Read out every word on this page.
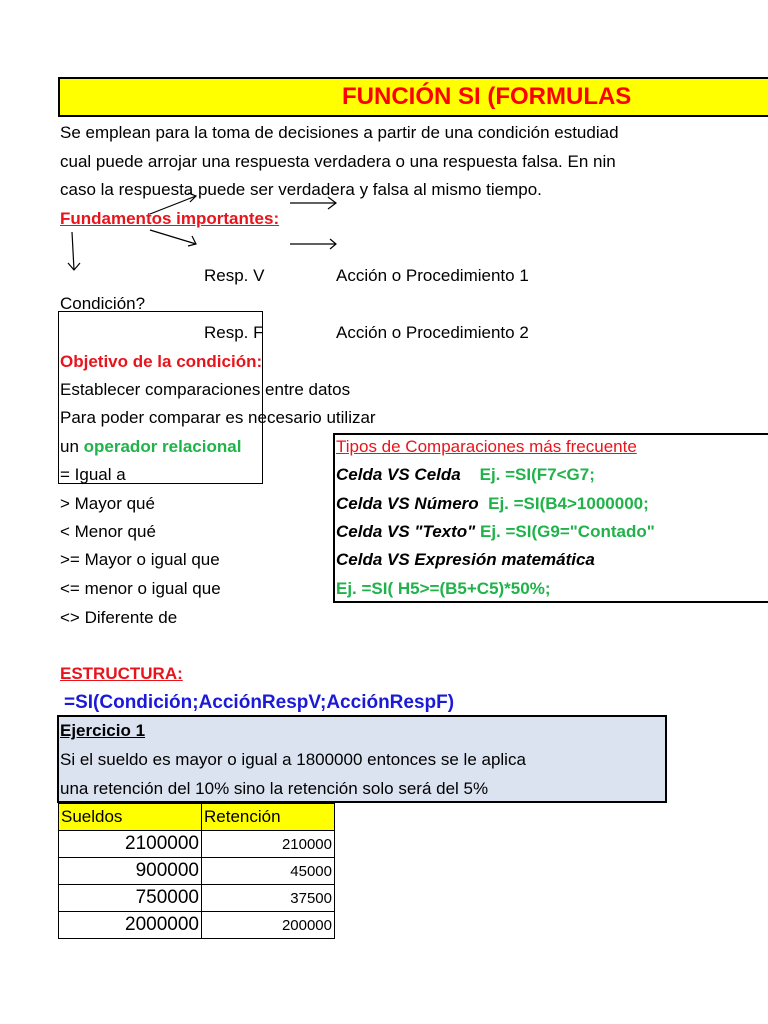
FUNCIÓN SI (FORMULAS
Se emplean para la toma de decisiones a partir de una condición estudiad
cual puede arrojar una respuesta verdadera o una respuesta falsa. En nin
caso la respuesta puede ser verdadera y falsa al mismo tiempo.
Fundamentos importantes:
Resp. V	Acción o Procedimiento 1
Condición?
Resp. F	Acción o Procedimiento 2
Objetivo de la condición:
Establecer comparaciones entre datos
Para poder comparar es necesario utilizar
un operador relacional
= Igual a
> Mayor qué
< Menor qué
>= Mayor o igual que
<= menor o igual que
<> Diferente de
Tipos de Comparaciones más frecuente
Celda VS Celda Ej. =SI(F7<G7;
Celda VS Número Ej. =SI(B4>1000000;
Celda VS "Texto" Ej. =SI(G9="Contado"
Celda VS Expresión matemática
Ej. =SI( H5>=(B5+C5)*50%;
ESTRUCTURA:
=SI(Condición;AcciónRespV;AcciónRespF)
Ejercicio 1
Si el sueldo es mayor o igual a 1800000 entonces se le aplica
una retención del 10% sino la retención solo será del 5%
Sueldos	Retención
2100000	210000
900000	45000
750000	37500
2000000	200000
